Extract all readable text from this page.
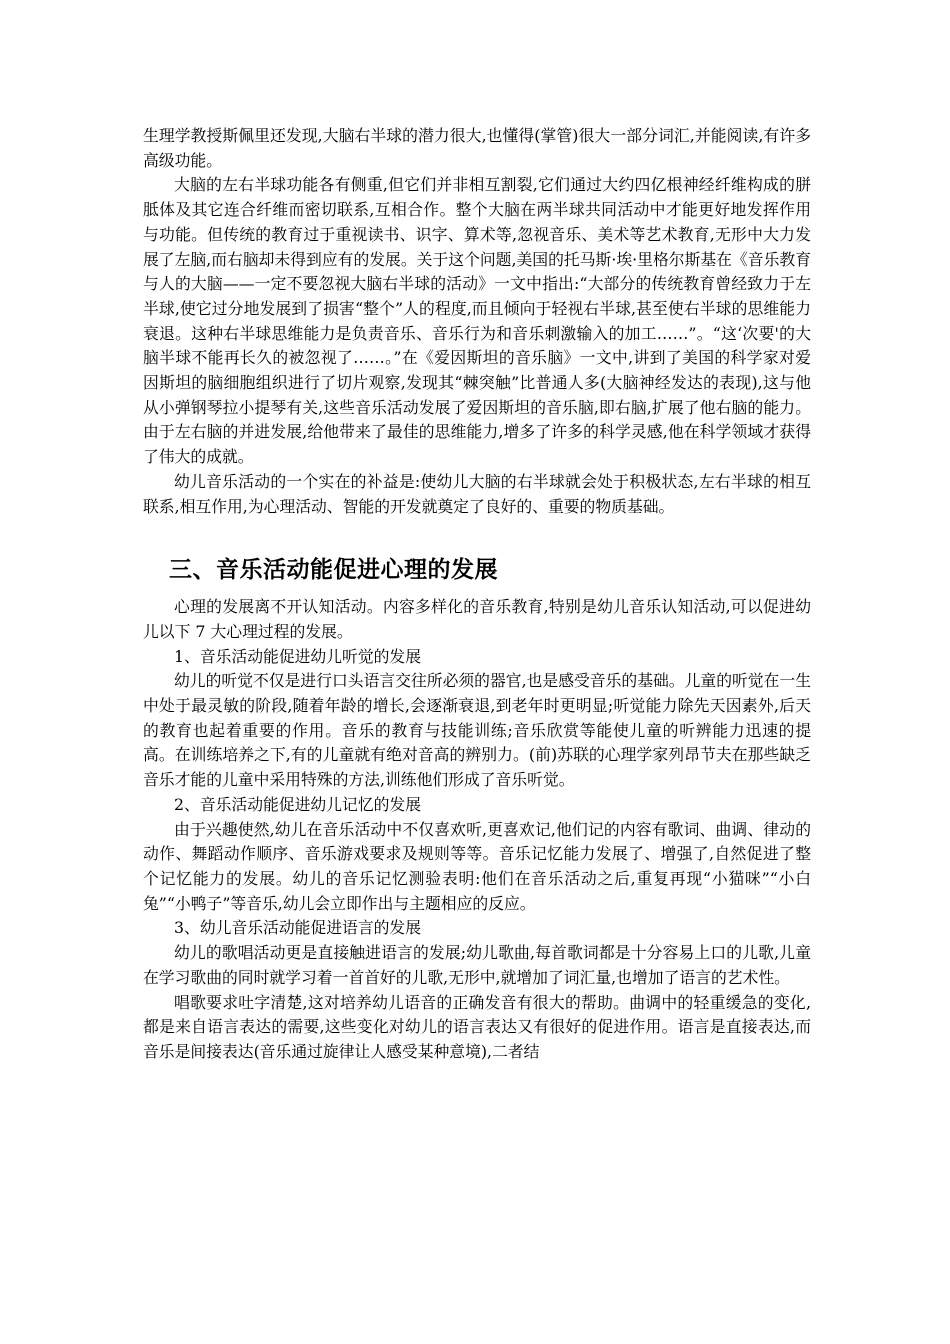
生理学教授斯佩里还发现,大脑右半球的潜力很大,也懂得(掌管)很大一部分词汇,并能阅读,有许多高级功能。

大脑的左右半球功能各有侧重,但它们并非相互割裂,它们通过大约四亿根神经纤维构成的胼胝体及其它连合纤维而密切联系,互相合作。整个大脑在两半球共同活动中才能更好地发挥作用与功能。但传统的教育过于重视读书、识字、算术等,忽视音乐、美术等艺术教育,无形中大力发展了左脑,而右脑却未得到应有的发展。关于这个问题,美国的托马斯·埃·里格尔斯基在《音乐教育与人的大脑——一定不要忽视大脑右半球的活动》一文中指出:“大部分的传统教育曾经致力于左半球,使它过分地发展到了损害“整个”人的程度,而且倾向于轻视右半球,甚至使右半球的思维能力衰退。这种右半球思维能力是负责音乐、音乐行为和音乐刺激输入的加工……”。“这‘次要'的大脑半球不能再长久的被忽视了……。”在《爱因斯坦的音乐脑》一文中,讲到了美国的科学家对爱因斯坦的脑细胞组织进行了切片观察,发现其“棘突触”比普通人多(大脑神经发达的表现),这与他从小弹钢琴拉小提琴有关,这些音乐活动发展了爱因斯坦的音乐脑,即右脑,扩展了他右脑的能力。由于左右脑的并进发展,给他带来了最佳的思维能力,增多了许多的科学灵感,他在科学领域才获得了伟大的成就。

幼儿音乐活动的一个实在的补益是:使幼儿大脑的右半球就会处于积极状态,左右半球的相互联系,相互作用,为心理活动、智能的开发就奠定了良好的、重要的物质基础。

三、音乐活动能促进心理的发展

心理的发展离不开认知活动。内容多样化的音乐教育,特别是幼儿音乐认知活动,可以促进幼儿以下 7 大心理过程的发展。

1、音乐活动能促进幼儿听觉的发展

幼儿的听觉不仅是进行口头语言交往所必须的器官,也是感受音乐的基础。儿童的听觉在一生中处于最灵敏的阶段,随着年龄的增长,会逐渐衰退,到老年时更明显;听觉能力除先天因素外,后天的教育也起着重要的作用。音乐的教育与技能训练;音乐欣赏等能使儿童的听辨能力迅速的提高。在训练培养之下,有的儿童就有绝对音高的辨别力。(前)苏联的心理学家列昂节夫在那些缺乏音乐才能的儿童中采用特殊的方法,训练他们形成了音乐听觉。

2、音乐活动能促进幼儿记忆的发展

由于兴趣使然,幼儿在音乐活动中不仅喜欢听,更喜欢记,他们记的内容有歌词、曲调、律动的动作、舞蹈动作顺序、音乐游戏要求及规则等等。音乐记忆能力发展了、增强了,自然促进了整个记忆能力的发展。幼儿的音乐记忆测验表明:他们在音乐活动之后,重复再现“小猫咪”“小白兔”“小鸭子”等音乐,幼儿会立即作出与主题相应的反应。

3、幼儿音乐活动能促进语言的发展

幼儿的歌唱活动更是直接触进语言的发展;幼儿歌曲,每首歌词都是十分容易上口的儿歌,儿童在学习歌曲的同时就学习着一首首好的儿歌,无形中,就增加了词汇量,也增加了语言的艺术性。

唱歌要求吐字清楚,这对培养幼儿语音的正确发音有很大的帮助。曲调中的轻重缓急的变化,都是来自语言表达的需要,这些变化对幼儿的语言表达又有很好的促进作用。语言是直接表达,而音乐是间接表达(音乐通过旋律让人感受某种意境),二者结
